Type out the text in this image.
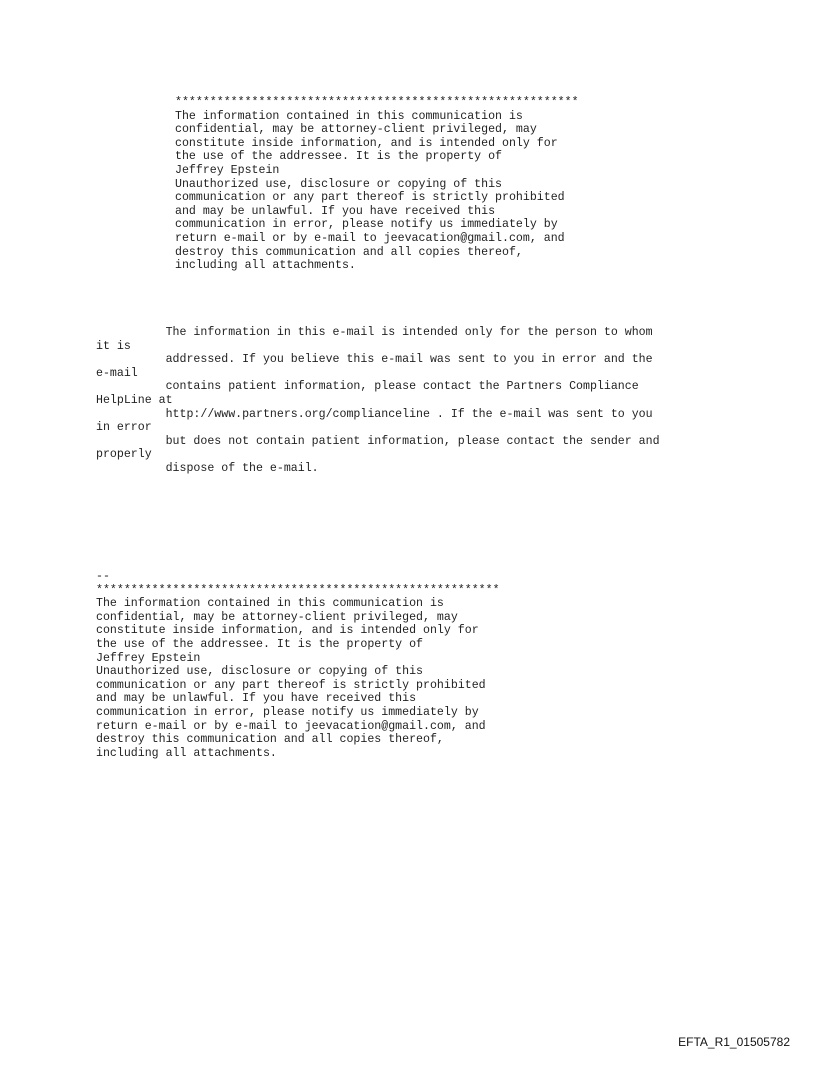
**********************************************************
The information contained in this communication is
confidential, may be attorney-client privileged, may
constitute inside information, and is intended only for
the use of the addressee. It is the property of
Jeffrey Epstein
Unauthorized use, disclosure or copying of this
communication or any part thereof is strictly prohibited
and may be unlawful. If you have received this
communication in error, please notify us immediately by
return e-mail or by e-mail to jeevacation@gmail.com, and
destroy this communication and all copies thereof,
including all attachments.
The information in this e-mail is intended only for the person to whom
it is
addressed. If you believe this e-mail was sent to you in error and the
e-mail
contains patient information, please contact the Partners Compliance
HelpLine at
http://www.partners.org/complianceline . If the e-mail was sent to you
in error
but does not contain patient information, please contact the sender and
properly
dispose of the e-mail.
--
**********************************************************
The information contained in this communication is
confidential, may be attorney-client privileged, may
constitute inside information, and is intended only for
the use of the addressee. It is the property of
Jeffrey Epstein
Unauthorized use, disclosure or copying of this
communication or any part thereof is strictly prohibited
and may be unlawful. If you have received this
communication in error, please notify us immediately by
return e-mail or by e-mail to jeevacation@gmail.com, and
destroy this communication and all copies thereof,
including all attachments.
EFTA_R1_01505782
